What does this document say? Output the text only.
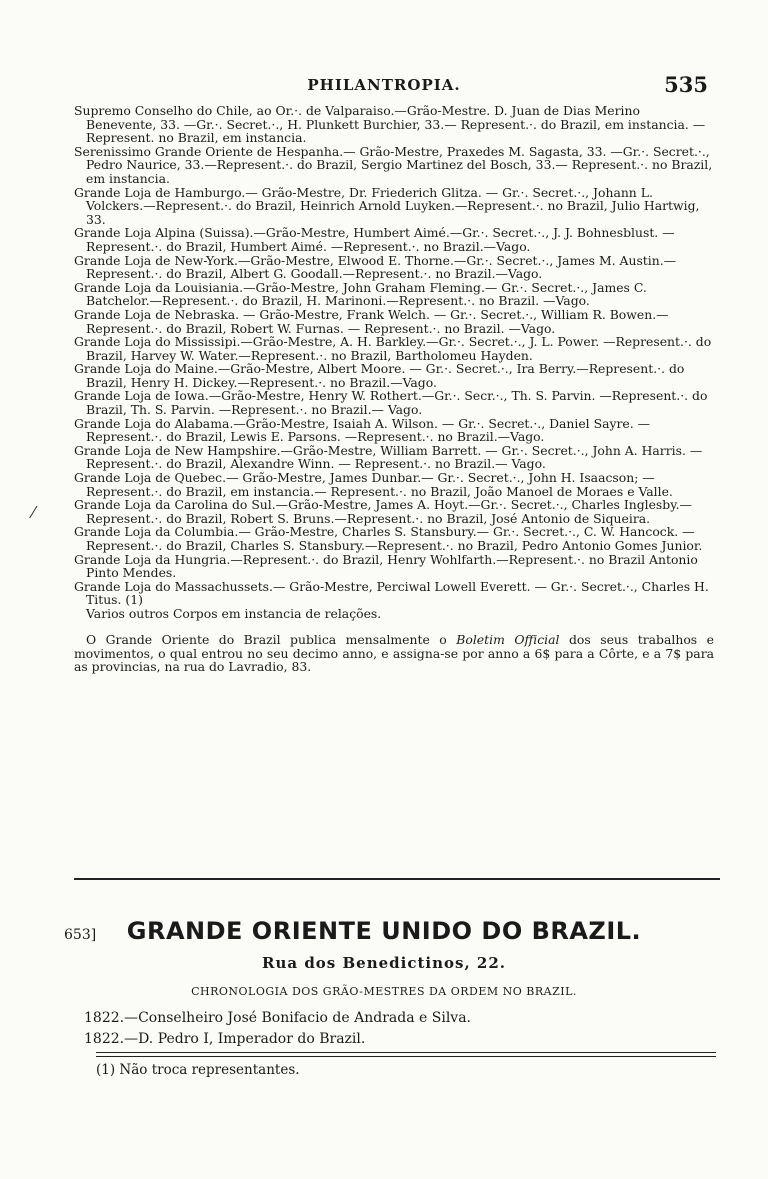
PHILANTROPIA.	535

Supremo Conselho do Chile, ao Or.·. de Valparaiso.—Grão-Mestre. D. Juan de Dias Merino Benevente, 33. —Gr.·. Secret.·., H. Plunkett Burchier, 33.— Represent.·. do Brazil, em instancia. —Represent. no Brazil, em instancia.

Serenissimo Grande Oriente de Hespanha.— Grão-Mestre, Praxedes M. Sagasta, 33. —Gr.·. Secret.·., Pedro Naurice, 33.—Represent.·. do Brazil, Sergio Martinez del Bosch, 33.— Represent.·. no Brazil, em instancia.

Grande Loja de Hamburgo.— Grão-Mestre, Dr. Friederich Glitza. — Gr.·. Secret.·., Johann L. Volckers.—Represent.·. do Brazil, Heinrich Arnold Luyken.—Represent.·. no Brazil, Julio Hartwig, 33.

Grande Loja Alpina (Suissa).—Grão-Mestre, Humbert Aimé.—Gr.·. Secret.·., J. J. Bohnesblust. —Represent.·. do Brazil, Humbert Aimé. —Represent.·. no Brazil.—Vago.

Grande Loja de New-York.—Grão-Mestre, Elwood E. Thorne.—Gr.·. Secret.·., James M. Austin.— Represent.·. do Brazil, Albert G. Goodall.—Represent.·. no Brazil.—Vago.

Grande Loja da Louisiania.—Grão-Mestre, John Graham Fleming.— Gr.·. Secret.·., James C. Batchelor.—Represent.·. do Brazil, H. Marinoni.—Represent.·. no Brazil. —Vago.

Grande Loja de Nebraska. — Grão-Mestre, Frank Welch. — Gr.·. Secret.·., William R. Bowen.— Represent.·. do Brazil, Robert W. Furnas. — Represent.·. no Brazil. —Vago.

Grande Loja do Mississipi.—Grão-Mestre, A. H. Barkley.—Gr.·. Secret.·., J. L. Power. —Represent.·. do Brazil, Harvey W. Water.—Represent.·. no Brazil, Bartholomeu Hayden.

Grande Loja do Maine.—Grão-Mestre, Albert Moore. — Gr.·. Secret.·., Ira Berry.—Represent.·. do Brazil, Henry H. Dickey.—Represent.·. no Brazil.—Vago.

Grande Loja de Iowa.—Grão-Mestre, Henry W. Rothert.—Gr.·. Secr.·., Th. S. Parvin. —Represent.·. do Brazil, Th. S. Parvin. —Represent.·. no Brazil.— Vago.

Grande Loja do Alabama.—Grão-Mestre, Isaiah A. Wilson. — Gr.·. Secret.·., Daniel Sayre. — Represent.·. do Brazil, Lewis E. Parsons. —Represent.·. no Brazil.—Vago.

Grande Loja de New Hampshire.—Grão-Mestre, William Barrett. — Gr.·. Secret.·., John A. Harris. — Represent.·. do Brazil, Alexandre Winn. — Represent.·. no Brazil.— Vago.

Grande Loja de Quebec.— Grão-Mestre, James Dunbar.— Gr.·. Secret.·., John H. Isaacson; — Represent.·. do Brazil, em instancia.— Represent.·. no Brazil, João Manoel de Moraes e Valle.

Grande Loja da Carolina do Sul.—Grão-Mestre, James A. Hoyt.—Gr.·. Secret.·., Charles Inglesby.—Represent.·. do Brazil, Robert S. Bruns.—Represent.·. no Brazil, José Antonio de Siqueira.

Grande Loja da Columbia.— Grão-Mestre, Charles S. Stansbury.— Gr.·. Secret.·., C. W. Hancock. — Represent.·. do Brazil, Charles S. Stansbury.—Represent.·. no Brazil, Pedro Antonio Gomes Junior.

Grande Loja da Hungria.—Represent.·. do Brazil, Henry Wohlfarth.—Represent.·. no Brazil Antonio Pinto Mendes.

Grande Loja do Massachussets.— Grão-Mestre, Perciwal Lowell Everett. — Gr.·. Secret.·., Charles H. Titus. (1)

Varios outros Corpos em instancia de relações.

O Grande Oriente do Brazil publica mensalmente o Boletim Official dos seus trabalhos e movimentos, o qual entrou no seu decimo anno, e assigna-se por anno a 6$ para a Côrte, e a 7$ para as provincias, na rua do Lavradio, 83.

⁄
653]	GRANDE ORIENTE UNIDO DO BRAZIL.
Rua dos Benedictinos, 22.
CHRONOLOGIA DOS GRÃO-MESTRES DA ORDEM NO BRAZIL.
1822.—Conselheiro José Bonifacio de Andrada e Silva.
1822.—D. Pedro I, Imperador do Brazil.
(1) Não troca representantes.
